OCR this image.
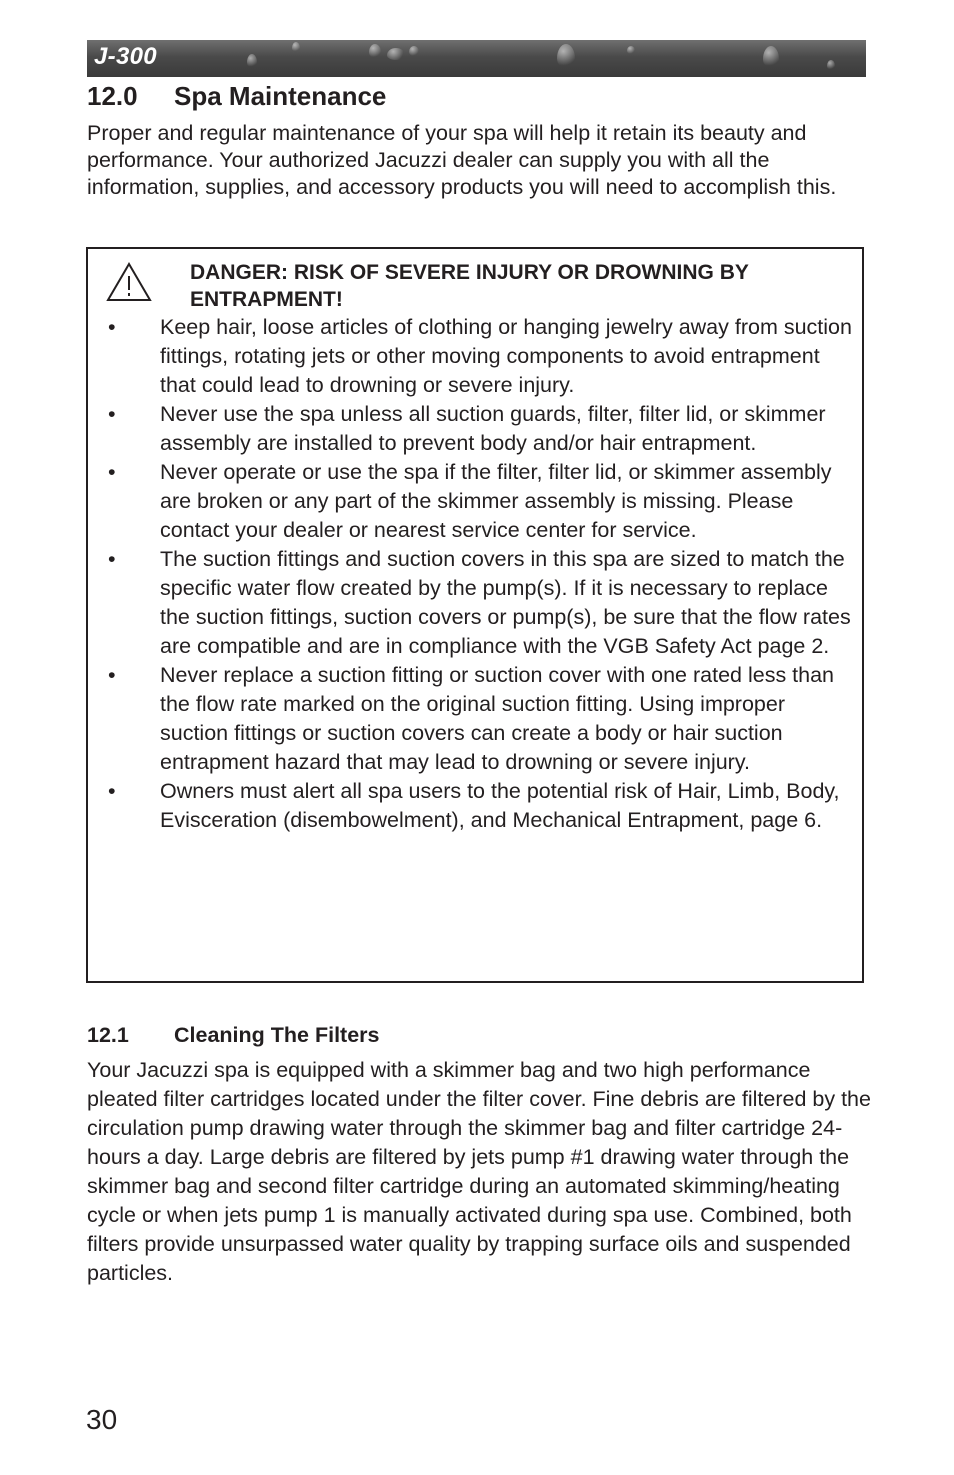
J-300
12.0 Spa Maintenance

Proper and regular maintenance of your spa will help it retain its beauty and performance. Your authorized Jacuzzi dealer can supply you with all the information, supplies, and accessory products you will need to accomplish this.

DANGER: RISK OF SEVERE INJURY OR DROWNING BY ENTRAPMENT!

• Keep hair, loose articles of clothing or hanging jewelry away from suction fittings, rotating jets or other moving components to avoid entrapment that could lead to drowning or severe injury.
• Never use the spa unless all suction guards, filter, filter lid, or skimmer assembly are installed to prevent body and/or hair entrapment.
• Never operate or use the spa if the filter, filter lid, or skimmer assembly are broken or any part of the skimmer assembly is missing. Please contact your dealer or nearest service center for service.
• The suction fittings and suction covers in this spa are sized to match the specific water flow created by the pump(s). If it is necessary to replace the suction fittings, suction covers or pump(s), be sure that the flow rates are compatible and are in compliance with the VGB Safety Act page 2.
• Never replace a suction fitting or suction cover with one rated less than the flow rate marked on the original suction fitting. Using improper suction fittings or suction covers can create a body or hair suction entrapment hazard that may lead to drowning or severe injury.
• Owners must alert all spa users to the potential risk of Hair, Limb, Body, Evisceration (disembowelment), and Mechanical Entrapment, page 6.
12.1 Cleaning The Filters

Your Jacuzzi spa is equipped with a skimmer bag and two high performance pleated filter cartridges located under the filter cover. Fine debris are filtered by the circulation pump drawing water through the skimmer bag and filter cartridge 24-hours a day. Large debris are filtered by jets pump #1 drawing water through the skimmer bag and second filter cartridge during an automated skimming/heating cycle or when jets pump 1 is manually activated during spa use. Combined, both filters provide unsurpassed water quality by trapping surface oils and suspended particles.

30
